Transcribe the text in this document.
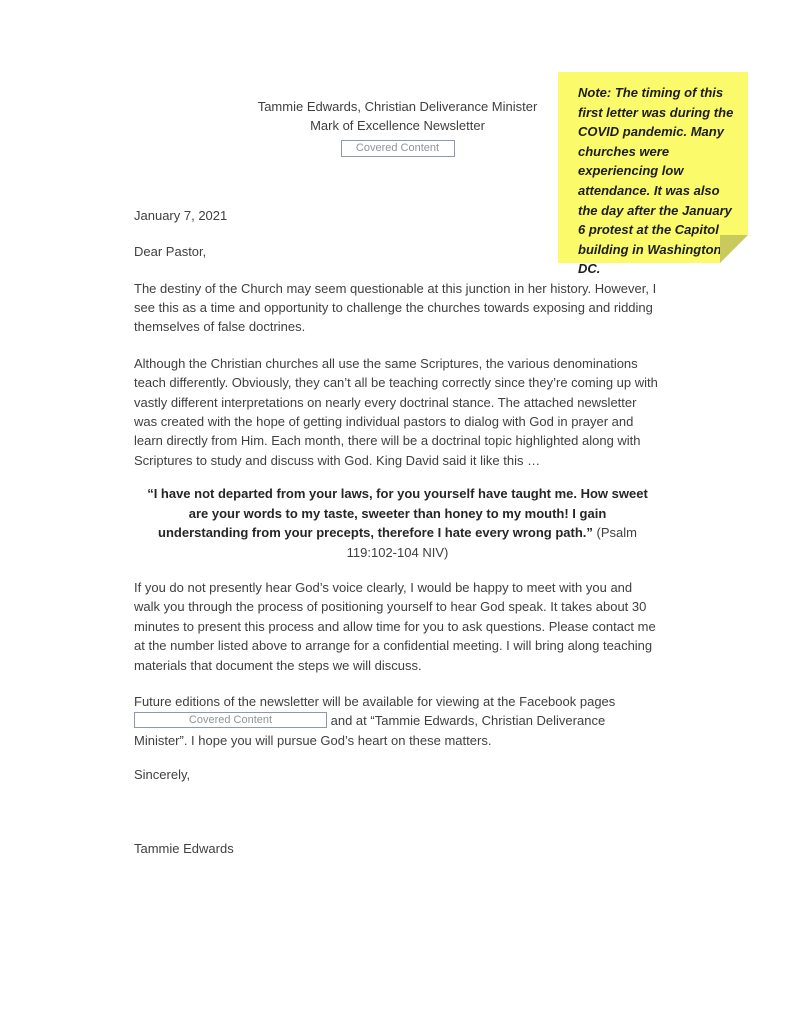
Note: The timing of this first letter was during the COVID pandemic. Many churches were experiencing low attendance. It was also the day after the January 6 protest at the Capitol building in Washington DC.
Tammie Edwards, Christian Deliverance Minister
Mark of Excellence Newsletter
Covered Content

January 7, 2021

Dear Pastor,

The destiny of the Church may seem questionable at this junction in her history. However, I see this as a time and opportunity to challenge the churches towards exposing and ridding themselves of false doctrines.

Although the Christian churches all use the same Scriptures, the various denominations teach differently. Obviously, they can’t all be teaching correctly since they’re coming up with vastly different interpretations on nearly every doctrinal stance. The attached newsletter was created with the hope of getting individual pastors to dialog with God in prayer and learn directly from Him. Each month, there will be a doctrinal topic highlighted along with Scriptures to study and discuss with God. King David said it like this …

“I have not departed from your laws, for you yourself have taught me. How sweet are your words to my taste, sweeter than honey to my mouth! I gain understanding from your precepts, therefore I hate every wrong path.” (Psalm 119:102-104 NIV)

If you do not presently hear God’s voice clearly, I would be happy to meet with you and walk you through the process of positioning yourself to hear God speak. It takes about 30 minutes to present this process and allow time for you to ask questions. Please contact me at the number listed above to arrange for a confidential meeting. I will bring along teaching materials that document the steps we will discuss.

Future editions of the newsletter will be available for viewing at the Facebook pages Covered Content	and at “Tammie Edwards, Christian Deliverance Minister”. I hope you will pursue God’s heart on these matters.

Sincerely,

Tammie Edwards
